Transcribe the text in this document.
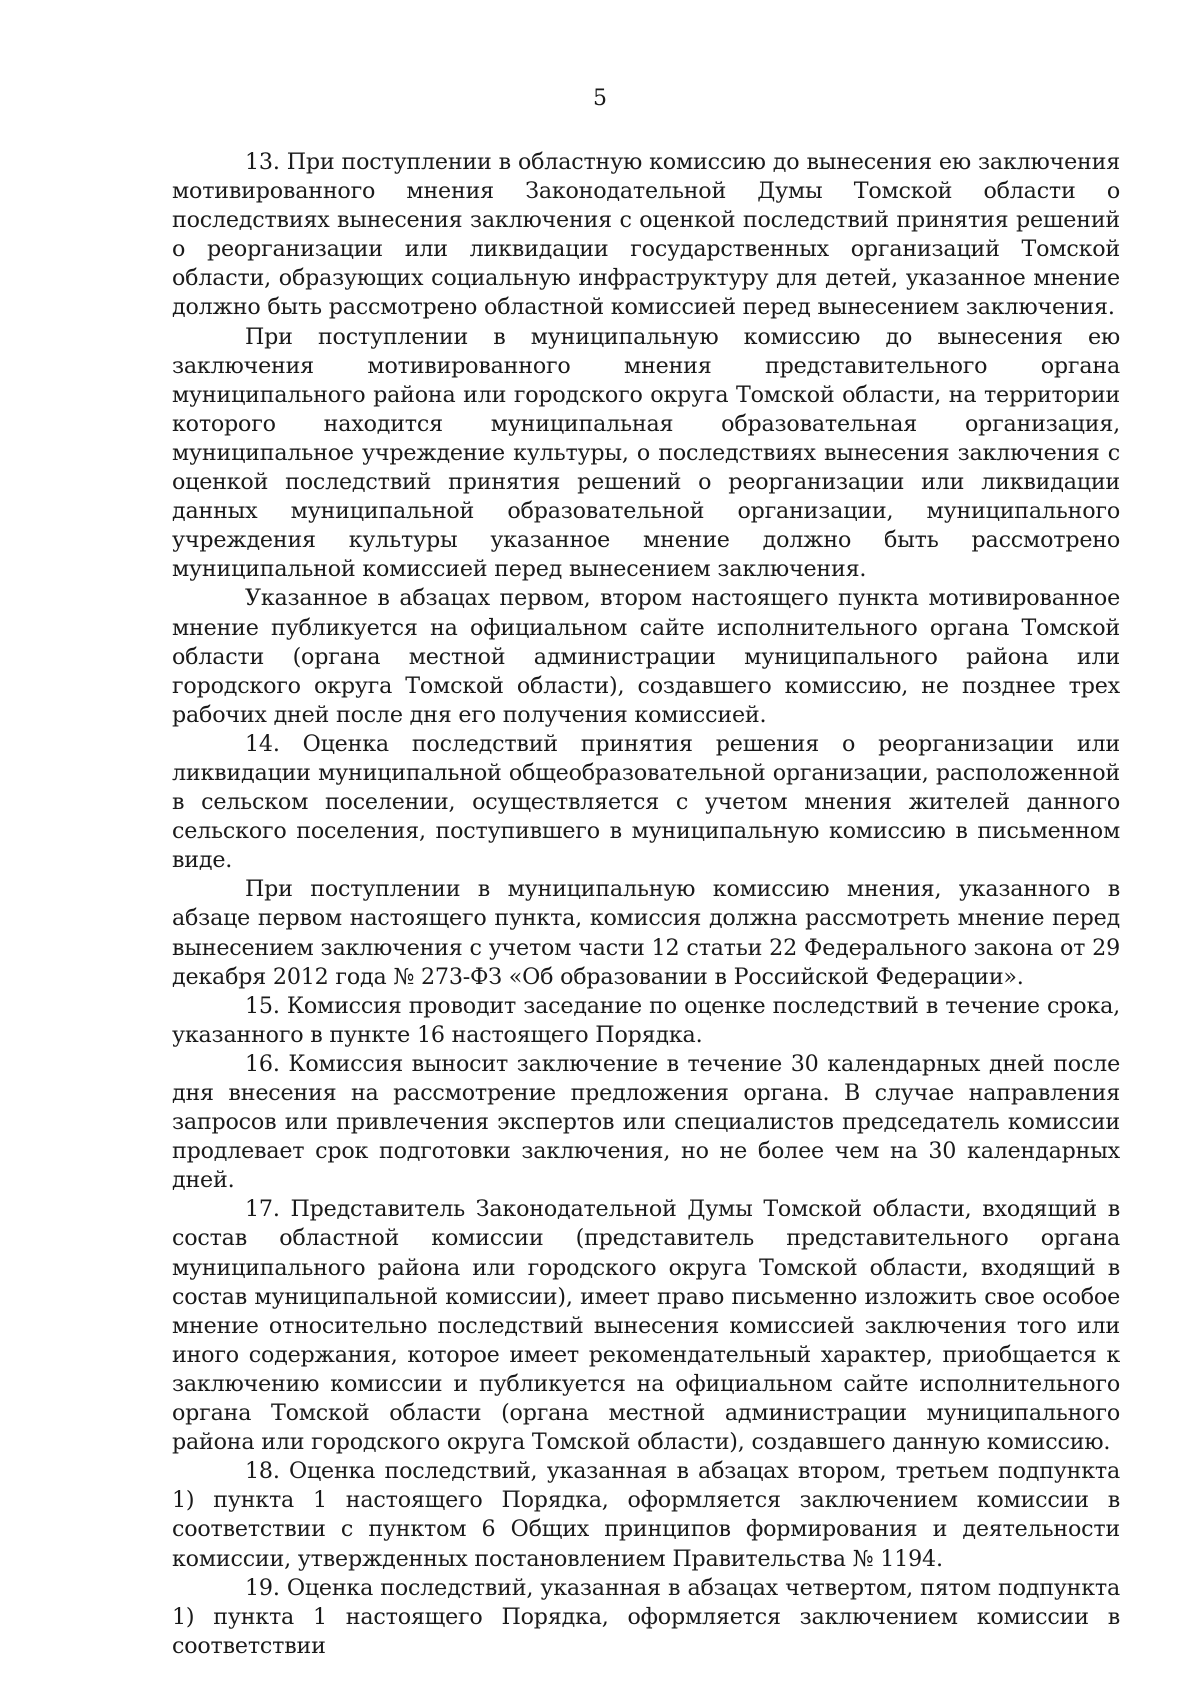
5

13. При поступлении в областную комиссию до вынесения ею заключения мотивированного мнения Законодательной Думы Томской области о последствиях вынесения заключения с оценкой последствий принятия решений о реорганизации или ликвидации государственных организаций Томской области, образующих социальную инфраструктуру для детей, указанное мнение должно быть рассмотрено областной комиссией перед вынесением заключения.

При поступлении в муниципальную комиссию до вынесения ею заключения мотивированного мнения представительного органа муниципального района или городского округа Томской области, на территории которого находится муниципальная образовательная организация, муниципальное учреждение культуры, о последствиях вынесения заключения с оценкой последствий принятия решений о реорганизации или ликвидации данных муниципальной образовательной организации, муниципального учреждения культуры указанное мнение должно быть рассмотрено муниципальной комиссией перед вынесением заключения.

Указанное в абзацах первом, втором настоящего пункта мотивированное мнение публикуется на официальном сайте исполнительного органа Томской области (органа местной администрации муниципального района или городского округа Томской области), создавшего комиссию, не позднее трех рабочих дней после дня его получения комиссией.

14. Оценка последствий принятия решения о реорганизации или ликвидации муниципальной общеобразовательной организации, расположенной в сельском поселении, осуществляется с учетом мнения жителей данного сельского поселения, поступившего в муниципальную комиссию в письменном виде.

При поступлении в муниципальную комиссию мнения, указанного в абзаце первом настоящего пункта, комиссия должна рассмотреть мнение перед вынесением заключения с учетом части 12 статьи 22 Федерального закона от 29 декабря 2012 года № 273-ФЗ «Об образовании в Российской Федерации».

15. Комиссия проводит заседание по оценке последствий в течение срока, указанного в пункте 16 настоящего Порядка.

16. Комиссия выносит заключение в течение 30 календарных дней после дня внесения на рассмотрение предложения органа. В случае направления запросов или привлечения экспертов или специалистов председатель комиссии продлевает срок подготовки заключения, но не более чем на 30 календарных дней.

17. Представитель Законодательной Думы Томской области, входящий в состав областной комиссии (представитель представительного органа муниципального района или городского округа Томской области, входящий в состав муниципальной комиссии), имеет право письменно изложить свое особое мнение относительно последствий вынесения комиссией заключения того или иного содержания, которое имеет рекомендательный характер, приобщается к заключению комиссии и публикуется на официальном сайте исполнительного органа Томской области (органа местной администрации муниципального района или городского округа Томской области), создавшего данную комиссию.

18. Оценка последствий, указанная в абзацах втором, третьем подпункта 1) пункта 1 настоящего Порядка, оформляется заключением комиссии в соответствии с пунктом 6 Общих принципов формирования и деятельности комиссии, утвержденных постановлением Правительства № 1194.

19. Оценка последствий, указанная в абзацах четвертом, пятом подпункта 1) пункта 1 настоящего Порядка, оформляется заключением комиссии в соответствии
